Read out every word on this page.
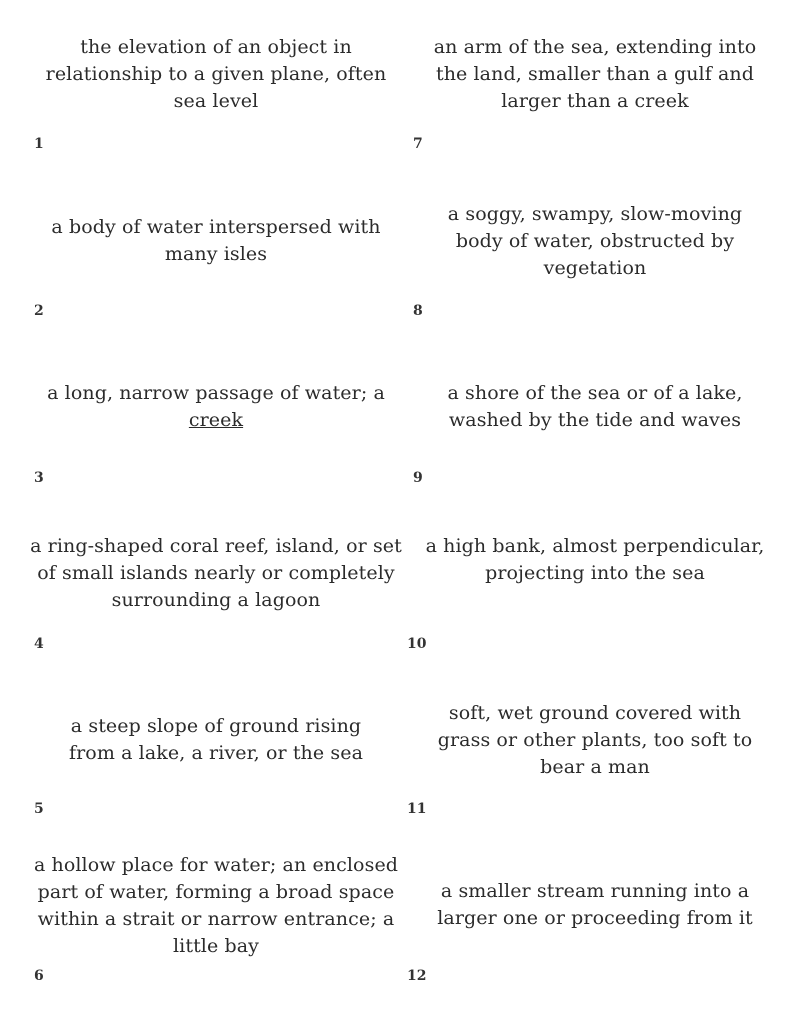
the elevation of an object in relationship to a given plane, often sea level
1
a body of water interspersed with many isles
2
a long, narrow passage of water; a creek
3
a ring-shaped coral reef, island, or set of small islands nearly or completely surrounding a lagoon
4
a steep slope of ground rising from a lake, a river, or the sea
5
a hollow place for water; an enclosed part of water, forming a broad space within a strait or narrow entrance; a little bay
6
an arm of the sea, extending into the land, smaller than a gulf and larger than a creek
7
a soggy, swampy, slow-moving body of water, obstructed by vegetation
8
a shore of the sea or of a lake, washed by the tide and waves
9
a high bank, almost perpendicular, projecting into the sea
10
soft, wet ground covered with grass or other plants, too soft to bear a man
11
a smaller stream running into a larger one or proceeding from it
12
